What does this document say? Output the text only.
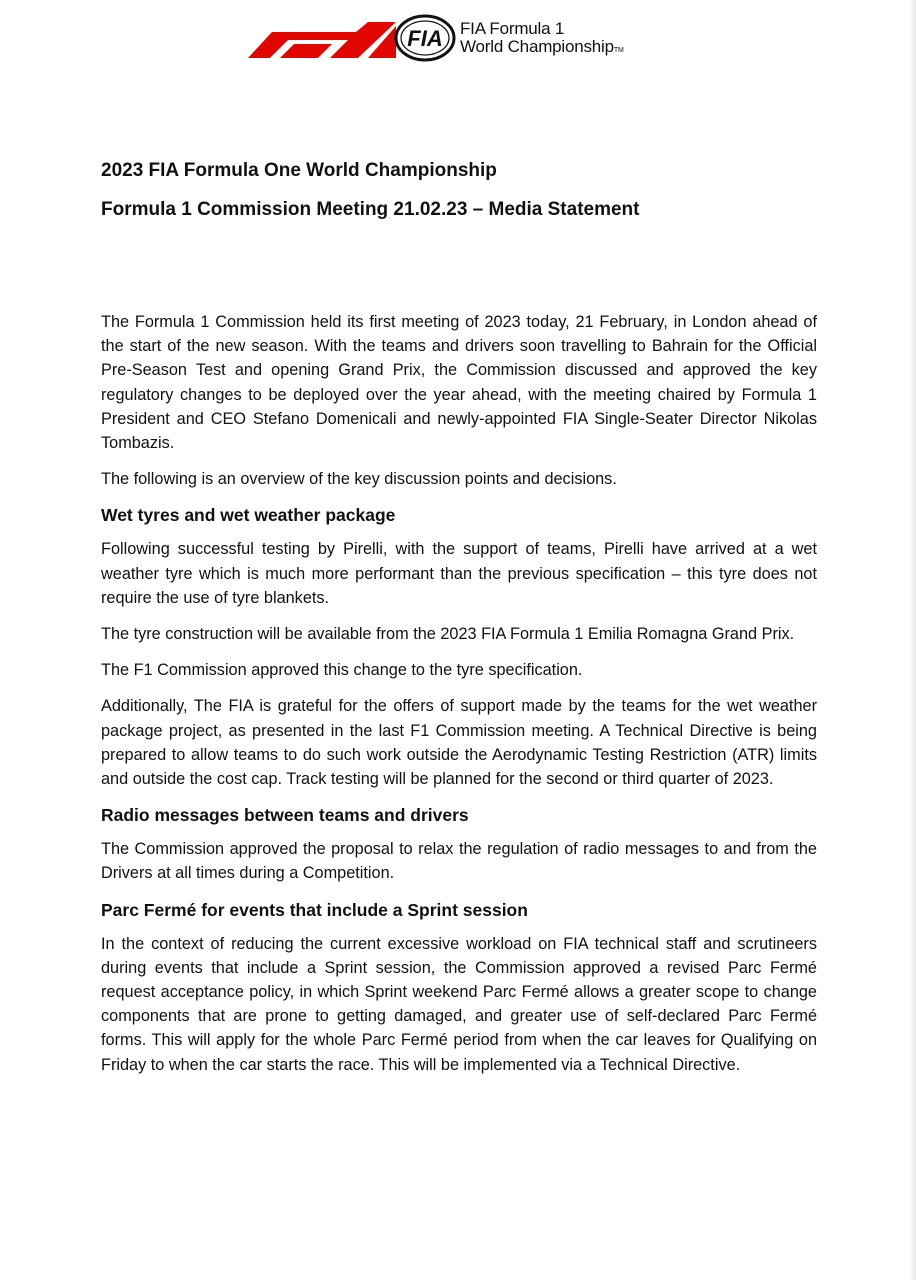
FIA FIA Formula 1
World ChampionshipTM
2023 FIA Formula One World Championship
Formula 1 Commission Meeting 21.02.23 – Media Statement

The Formula 1 Commission held its first meeting of 2023 today, 21 February, in London ahead of the start of the new season. With the teams and drivers soon travelling to Bahrain for the Official Pre-Season Test and opening Grand Prix, the Commission discussed and approved the key regulatory changes to be deployed over the year ahead, with the meeting chaired by Formula 1 President and CEO Stefano Domenicali and newly-appointed FIA Single-Seater Director Nikolas Tombazis.

The following is an overview of the key discussion points and decisions.

Wet tyres and wet weather package

Following successful testing by Pirelli, with the support of teams, Pirelli have arrived at a wet weather tyre which is much more performant than the previous specification – this tyre does not require the use of tyre blankets.

The tyre construction will be available from the 2023 FIA Formula 1 Emilia Romagna Grand Prix.

The F1 Commission approved this change to the tyre specification.

Additionally, The FIA is grateful for the offers of support made by the teams for the wet weather package project, as presented in the last F1 Commission meeting. A Technical Directive is being prepared to allow teams to do such work outside the Aerodynamic Testing Restriction (ATR) limits and outside the cost cap. Track testing will be planned for the second or third quarter of 2023.

Radio messages between teams and drivers

The Commission approved the proposal to relax the regulation of radio messages to and from the Drivers at all times during a Competition.

Parc Fermé for events that include a Sprint session

In the context of reducing the current excessive workload on FIA technical staff and scrutineers during events that include a Sprint session, the Commission approved a revised Parc Fermé request acceptance policy, in which Sprint weekend Parc Fermé allows a greater scope to change components that are prone to getting damaged, and greater use of self-declared Parc Fermé forms. This will apply for the whole Parc Fermé period from when the car leaves for Qualifying on Friday to when the car starts the race. This will be implemented via a Technical Directive.
